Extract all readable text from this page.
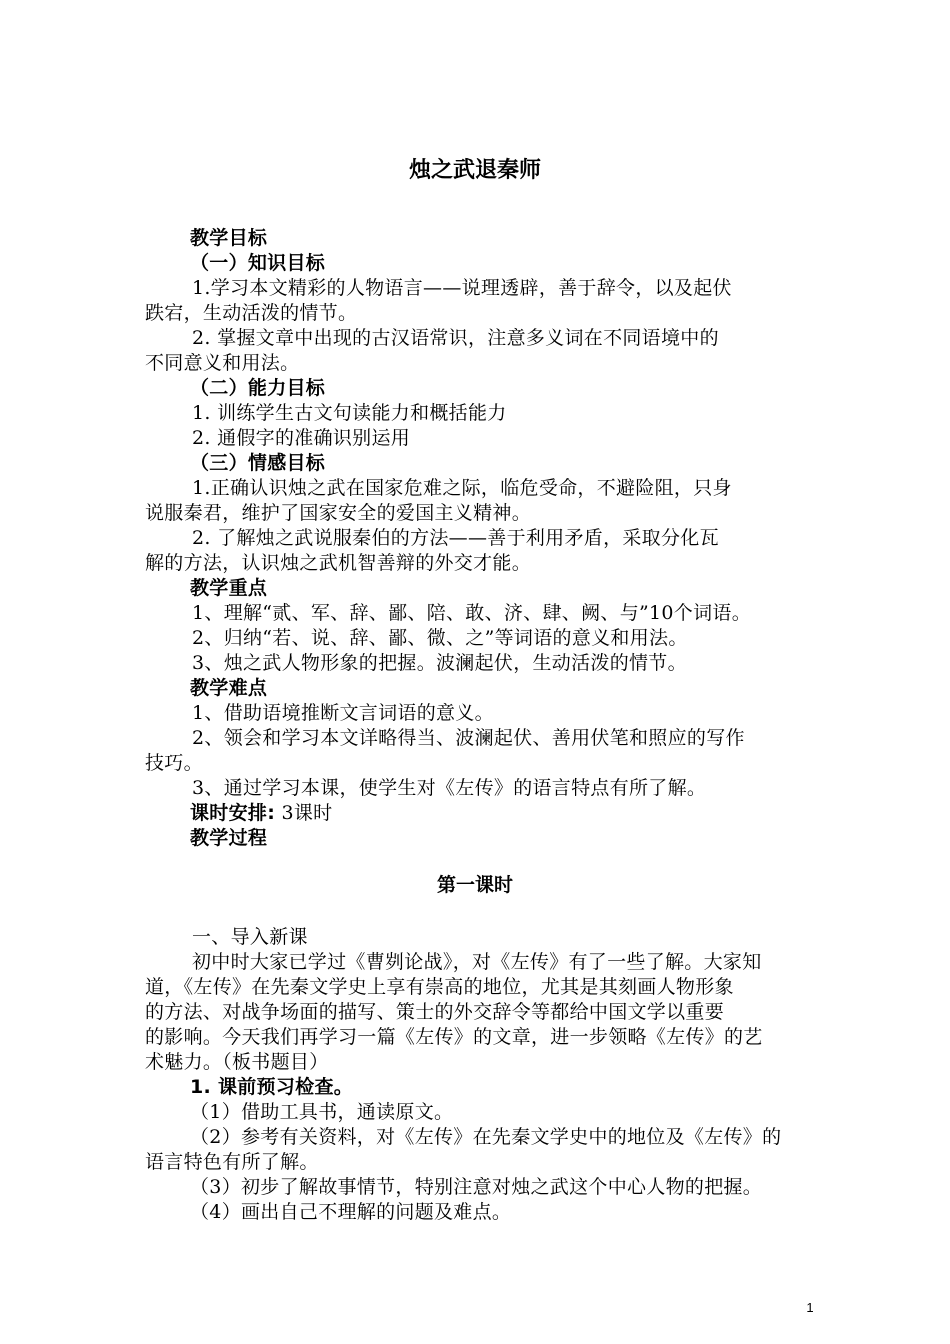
烛之武退秦师
教学目标
（一）知识目标
1.学习本文精彩的人物语言——说理透辟，善于辞令，以及起伏
跌宕，生动活泼的情节。
2. 掌握文章中出现的古汉语常识，注意多义词在不同语境中的
不同意义和用法。
（二）能力目标
1. 训练学生古文句读能力和概括能力
2. 通假字的准确识别运用
（三）情感目标
1.正确认识烛之武在国家危难之际，临危受命，不避险阻，只身
说服秦君，维护了国家安全的爱国主义精神。
2. 了解烛之武说服秦伯的方法——善于利用矛盾，采取分化瓦
解的方法，认识烛之武机智善辩的外交才能。
教学重点
1、理解“贰、军、辞、鄙、陪、敢、济、肆、阙、与”10个词语。
2、归纳“若、说、辞、鄙、微、之”等词语的意义和用法。
3、烛之武人物形象的把握。波澜起伏，生动活泼的情节。
教学难点
1、借助语境推断文言词语的意义。
2、领会和学习本文详略得当、波澜起伏、善用伏笔和照应的写作
技巧。
3、通过学习本课，使学生对《左传》的语言特点有所了解。
课时安排: 3课时
教学过程
第一课时
一、导入新课
初中时大家已学过《曹刿论战》，对《左传》有了一些了解。大家知
道，《左传》在先秦文学史上享有崇高的地位，尤其是其刻画人物形象
的方法、对战争场面的描写、策士的外交辞令等都给中国文学以重要
的影响。今天我们再学习一篇《左传》的文章，进一步领略《左传》的艺
术魅力。（板书题目）
1. 课前预习检查。
（1）借助工具书，通读原文。
（2）参考有关资料，对《左传》在先秦文学史中的地位及《左传》的
语言特色有所了解。
（3）初步了解故事情节，特别注意对烛之武这个中心人物的把握。
（4）画出自己不理解的问题及难点。
1
